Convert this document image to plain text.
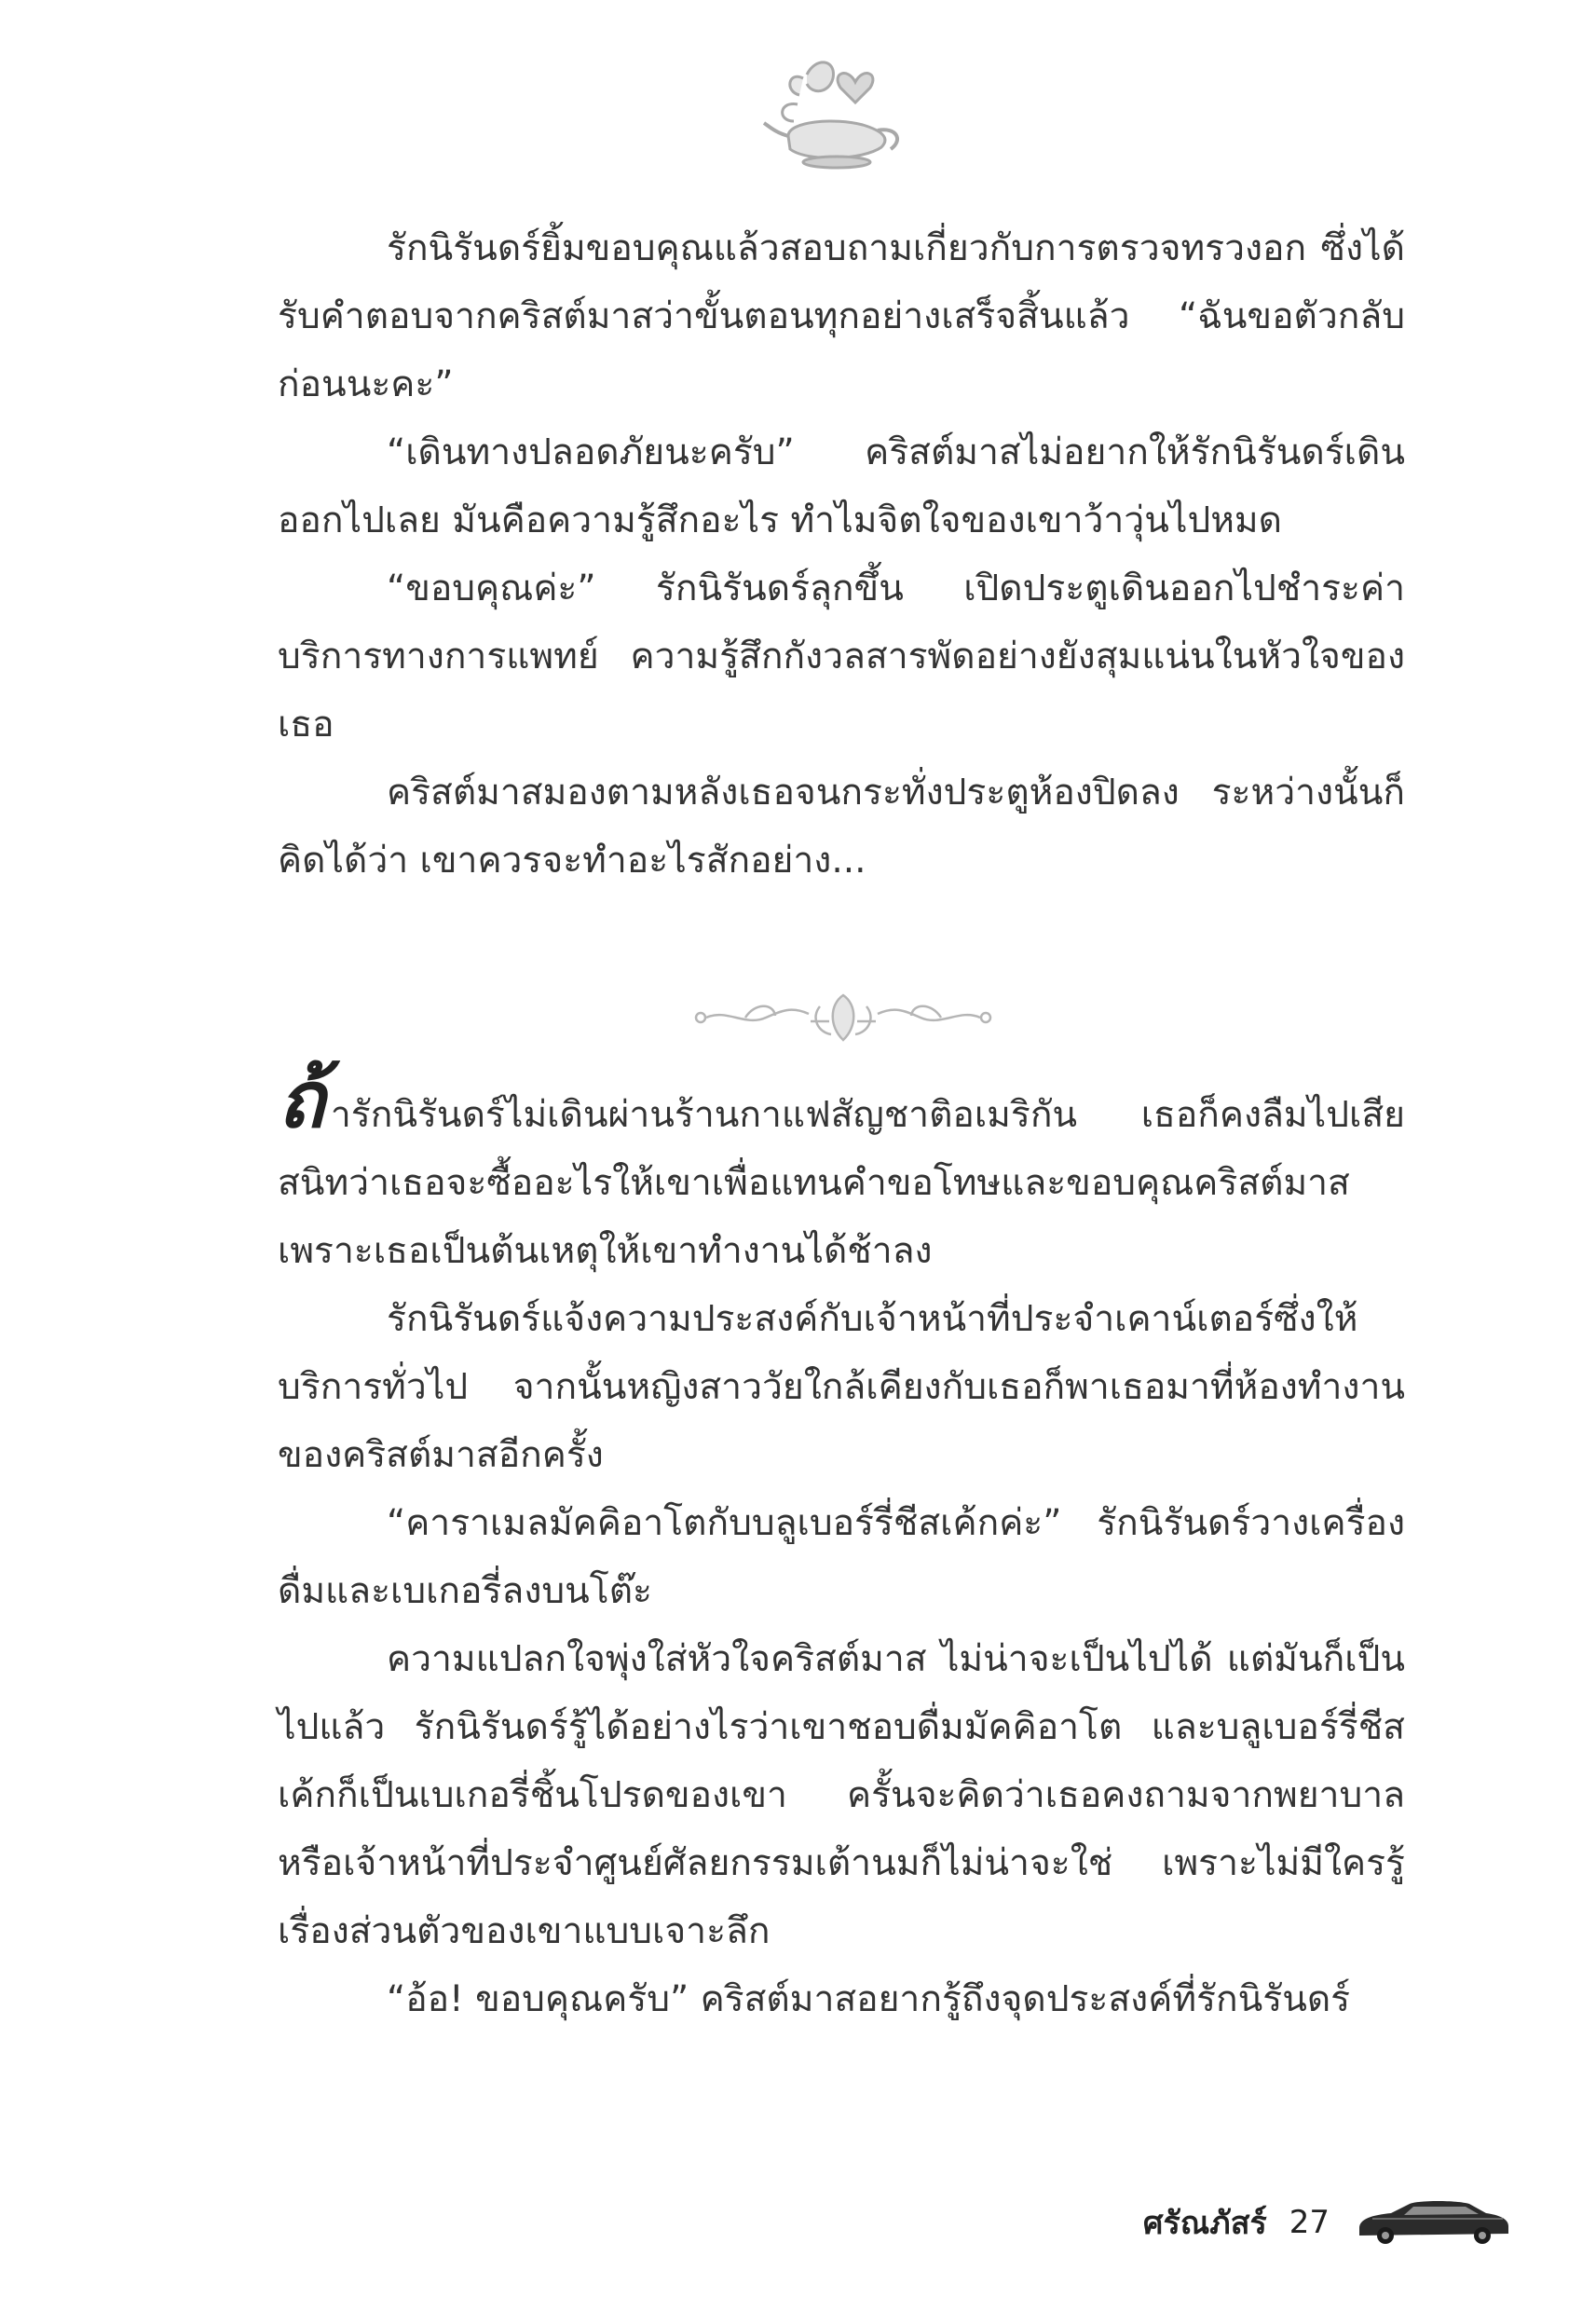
รักนิรันดร์ยิ้มขอบคุณแล้วสอบถามเกี่ยวกับการตรวจทรวงอก ซึ่งได้รับคำตอบจากคริสต์มาสว่าขั้นตอนทุกอย่างเสร็จสิ้นแล้ว “ฉันขอตัวกลับก่อนนะคะ”

“เดินทางปลอดภัยนะครับ” คริสต์มาสไม่อยากให้รักนิรันดร์เดินออกไปเลย มันคือความรู้สึกอะไร ทำไมจิตใจของเขาว้าวุ่นไปหมด

“ขอบคุณค่ะ” รักนิรันดร์ลุกขึ้น เปิดประตูเดินออกไปชำระค่าบริการทางการแพทย์ ความรู้สึกกังวลสารพัดอย่างยังสุมแน่นในหัวใจของเธอ

คริสต์มาสมองตามหลังเธอจนกระทั่งประตูห้องปิดลง ระหว่างนั้นก็คิดได้ว่า เขาควรจะทำอะไรสักอย่าง...

ถ้ารักนิรันดร์ไม่เดินผ่านร้านกาแฟสัญชาติอเมริกัน เธอก็คงลืมไปเสียสนิทว่าเธอจะซื้ออะไรให้เขาเพื่อแทนคำขอโทษและขอบคุณคริสต์มาส เพราะเธอเป็นต้นเหตุให้เขาทำงานได้ช้าลง

รักนิรันดร์แจ้งความประสงค์กับเจ้าหน้าที่ประจำเคาน์เตอร์ซึ่งให้บริการทั่วไป จากนั้นหญิงสาววัยใกล้เคียงกับเธอก็พาเธอมาที่ห้องทำงานของคริสต์มาสอีกครั้ง

“คาราเมลมัคคิอาโตกับบลูเบอร์รี่ชีสเค้กค่ะ” รักนิรันดร์วางเครื่องดื่มและเบเกอรี่ลงบนโต๊ะ

ความแปลกใจพุ่งใส่หัวใจคริสต์มาส ไม่น่าจะเป็นไปได้ แต่มันก็เป็นไปแล้ว รักนิรันดร์รู้ได้อย่างไรว่าเขาชอบดื่มมัคคิอาโต และบลูเบอร์รี่ชีสเค้กก็เป็นเบเกอรี่ชิ้นโปรดของเขา ครั้นจะคิดว่าเธอคงถามจากพยาบาลหรือเจ้าหน้าที่ประจำศูนย์ศัลยกรรมเต้านมก็ไม่น่าจะใช่ เพราะไม่มีใครรู้เรื่องส่วนตัวของเขาแบบเจาะลึก

“อ้อ! ขอบคุณครับ” คริสต์มาสอยากรู้ถึงจุดประสงค์ที่รักนิรันดร์

ศรัณภัสร์ 27
